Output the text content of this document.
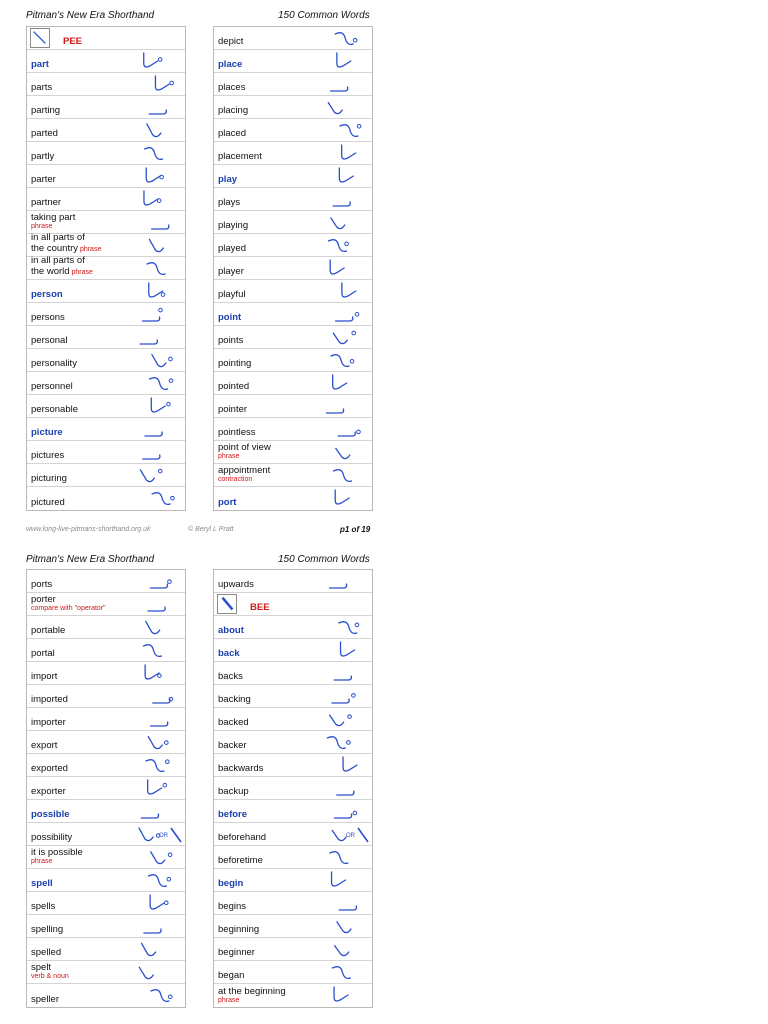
Pitman's New Era Shorthand	150 Common Words
PEE
part
parts
parting
parted
partly
parter
partner
taking part
phrase
in all parts of
the country phrase
in all parts of
the world phrase
person
persons
personal
personality
personnel
personable
picture
pictures
picturing
pictured
depict
place
places
placing
placed
placement
play
plays
playing
played
player
playful
point
points
pointing
pointed
pointer
pointless
point of view
phrase
appointment
contraction
port
www.long-live-pitmans-shorthand.org.uk	© Beryl L Pratt	p1 of 19
Pitman's New Era Shorthand	150 Common Words
ports
porter
compare with "operator"
portable
portal
import
imported
importer
export
exported
exporter
possible
possibility	OR
it is possible
phrase
spell
spells
spelling
spelled
spelt
verb & noun
speller
upwards
BEE
about
back
backs
backing
backed
backer
backwards
backup
before
beforehand	OR
beforetime
begin
begins
beginning
beginner
began
at the beginning
phrase
